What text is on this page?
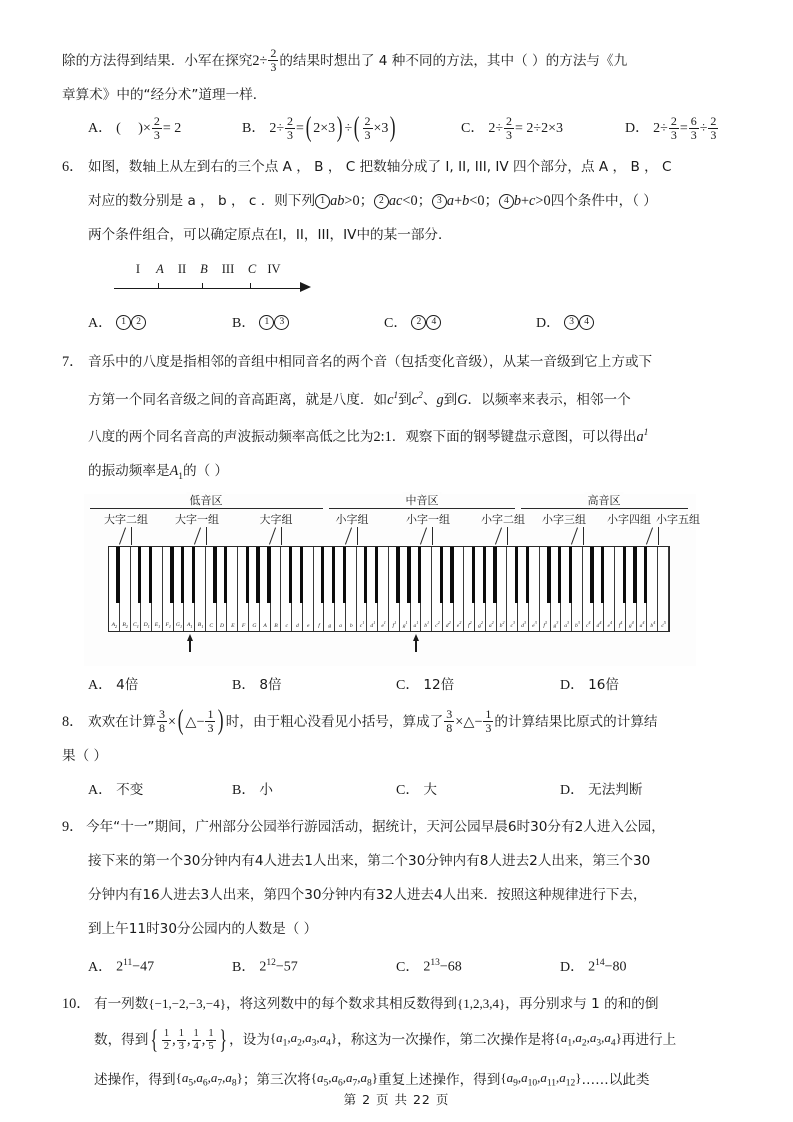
除的方法得到结果．小军在探究$2\div \frac{2}{3}$ 的结果时想出了 4 种不同的方法，其中（ ）的方法与《九
章算术》中的“经分术”道理一样．
A． (     )× $\frac{2}{3} = 2$	B． $2\div \frac{2}{3}$ =( 2×3) ÷( $\frac{2}{3} \times 3$)	C． $2\div \frac{2}{3} = 2\div 2\times 3$	D． $2\div \frac{2}{3} = \frac{6}{3} \div \frac{2}{3}$
6． 如图，数轴上从左到右的三个点 A ， B ， C 把数轴分成了 I, II, III, IV 四个部分，点 A ， B ， C
对应的数分别是 a ， b ， c ．则下列 1 ab>0； 2 ac<0； 3 a+b<0； 4 b+c>0四个条件中，（ ）
两个条件组合，可以确定原点在I，II，III，IV中的某一部分．
I A II B III C IV
A． 1 2	B． 1 3	C． 2 4	D． 3 4
7． 音乐中的八度是指相邻的音组中相同音名的两个音（包括变化音级），从某一音级到它上方或下
方第一个同名音级之间的音高距离，就是八度．如$c^1$到$c^2$、g到G．以频率来表示，相邻一个
八度的两个同名音高的声波振动频率高低之比为2:1．观察下面的钢琴键盘示意图，可以得出$a^1$
的振动频率是$A_1$的（ ）
低音区	中音区	高音区
大字二组 大字一组	大字组	小字组	小字一组	小字二组 小字三组 小字四组 小字五组
$A_2$ $B_2$ $C_1$ $D_1$ $E_1$ $F_1$ $G_1$ $A_1$ $B_1$ C D E F G A B c d e f g a b $c^1$
$d^1$
$e^1$
$f^1$
$g^1$
$a^1$
$b^1$
$c^2$
$d^2$
$e^2$
$f^2$
$g^2$
$a^2$
$b^2$
$c^3$
$d^3$
$e^3$
$f^3$
$g^3$
$a^3$
$b^3$
$c^4$
$d^4$
$e^4$
$f^4$
$g^4$
$a^4$
$b^4$
$c^5$
A． 4倍	B． 8倍	C． 12倍	D． 16倍
8． 欢欢在计算 $\frac{3}{8}$ ×( △− $\frac{1}{3}$ ) 时，由于粗心没看见小括号，算成了 $\frac{3}{8}$ ×△− $\frac{1}{3}$ 的计算结果比原式的计算结
果（ ）
A． 不变	B． 小	C． 大	D． 无法判断
9． 今年“十一”期间，广州部分公园举行游园活动，据统计，天河公园早晨6时30分有2人进入公园，
接下来的第一个30分钟内有4人进去1人出来，第二个30分钟内有8人进去2人出来，第三个30
分钟内有16人进去3人出来，第四个30分钟内有32人进去4人出来．按照这种规律进行下去，
到上午11时30分公园内的人数是（ ）
A． $2^{11}-47$	B． $2^{12}-57$	C． $2^{13}-68$	D． $2^{14}-80$
10． 有一列数{−1,−2,−3,−4}，将这列数中的每个数求其相反数得到{1,2,3,4}，再分别求与 1 的和的倒
数，得到{ $\frac{1}{2}$ , $\frac{1}{3}$ , $\frac{1}{4}$ , $\frac{1}{5}$ } ，设为$\{a_1,a_2,a_3,a_4\}$，称这为一次操作，第二次操作是将$\{a_1,a_2,a_3,a_4\}$再进行上
述操作，得到$\{a_5,a_6,a_7,a_8\}$；第三次将$\{a_5,a_6,a_7,a_8\}$重复上述操作，得到$\{a_9,a_{10},a_{11},a_{12}\}\dots\dots$以此类
第 2 页 共 22 页
